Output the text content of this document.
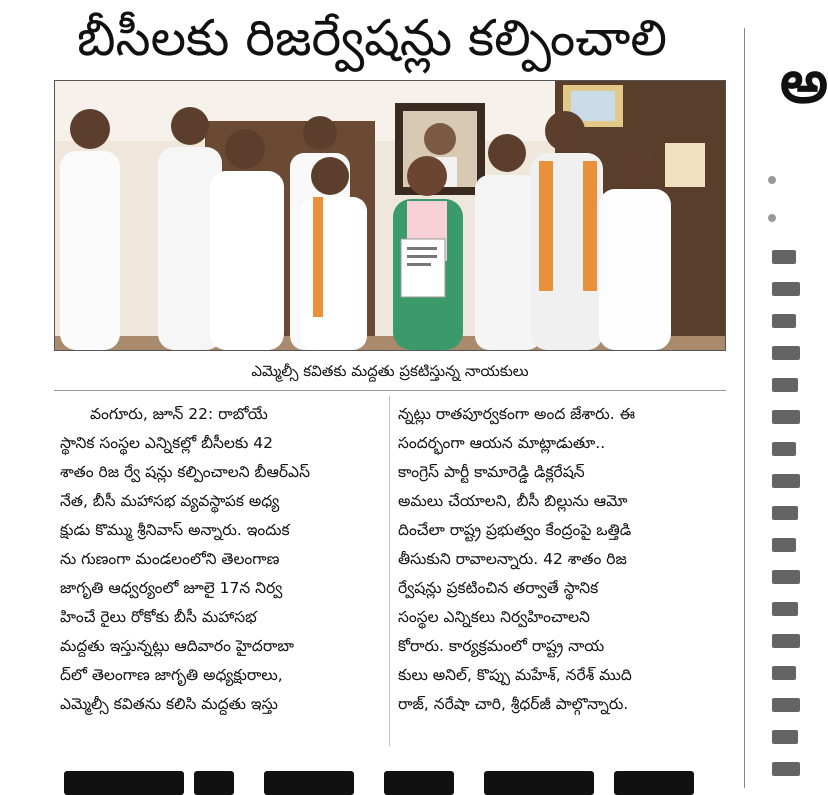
బీసీలకు రిజర్వేషన్లు కల్పించాలి
ఎమ్మెల్సీ కవితకు మద్దతు ప్రకటిస్తున్న నాయకులు
వంగూరు, జూన్ 22: రాబోయే
స్థానిక సంస్థల ఎన్నికల్లో బీసీలకు 42
శాతం రిజ ర్వే షన్లు కల్పించాలని బీఆర్ఎస్
నేత, బీసీ మహాసభ వ్యవస్థాపక అధ్య
క్షుడు కొమ్ము శ్రీనివాస్ అన్నారు. ఇందుక
ను గుణంగా మండలంలోని తెలంగాణ
జాగృతి ఆధ్వర్యంలో జూలై 17న నిర్వ
హించే రైలు రోకోకు బీసీ మహాసభ
మద్దతు ఇస్తున్నట్లు ఆదివారం హైదరాబా
ద్‌లో తెలంగాణ జాగృతి అధ్యక్షురాలు,
ఎమ్మెల్సీ కవితను కలిసి మద్దతు ఇస్తు
న్నట్లు రాతపూర్వకంగా అంద జేశారు. ఈ
సందర్భంగా ఆయన మాట్లాడుతూ..
కాంగ్రెస్ పార్టీ కామారెడ్డి డిక్లరేషన్
అమలు చేయాలని, బీసీ బిల్లును ఆమో
దించేలా రాష్ట్ర ప్రభుత్వం కేంద్రంపై ఒత్తిడి
తీసుకుని రావాలన్నారు. 42 శాతం రిజ
ర్వేషన్లు ప్రకటించిన తర్వాతే స్థానిక
సంస్థల ఎన్నికలు నిర్వహించాలని
కోరారు. కార్యక్రమంలో రాష్ట్ర నాయ
కులు అనిల్, కొప్పు మహేశ్, నరేశ్ ముది
రాజ్, నరేషా చారి, శ్రీధర్‌జీ పాల్గొన్నారు.
అ
